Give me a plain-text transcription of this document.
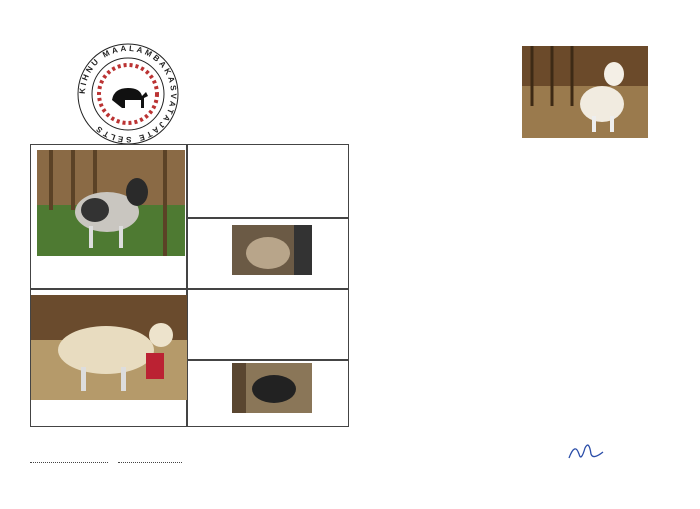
KIHNU MAALAMBAKASVATAJATE SELTS
